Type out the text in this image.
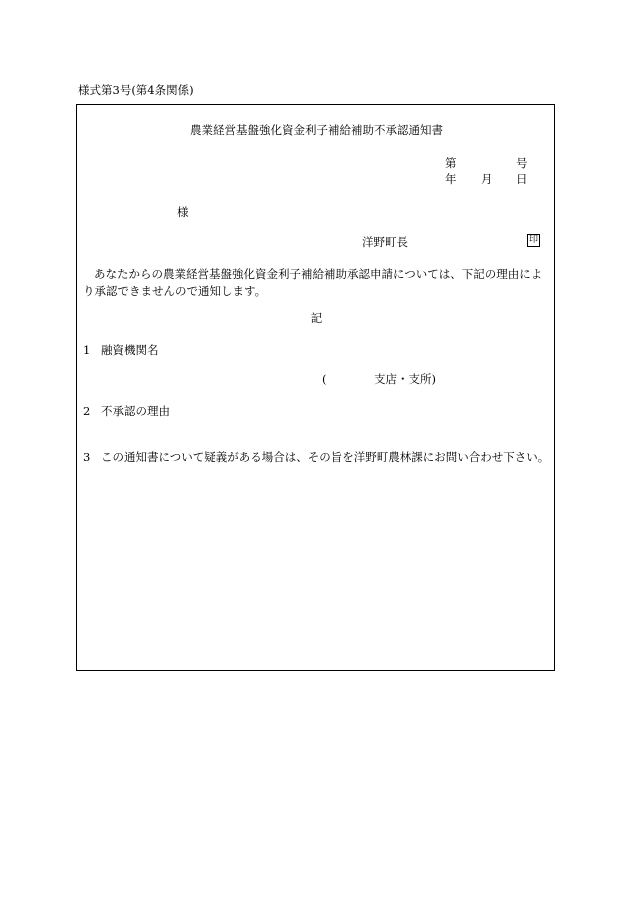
様式第3号(第4条関係)
農業経営基盤強化資金利子補給補助不承認通知書
第	号
年 月 日
様
洋野町長	印
あなたからの農業経営基盤強化資金利子補給補助承認申請については、下記の理由により承認できませんので通知します。
記
1 融資機関名
(	支店・支所)
2 不承認の理由
3 この通知書について疑義がある場合は、その旨を洋野町農林課にお問い合わせ下さい。
